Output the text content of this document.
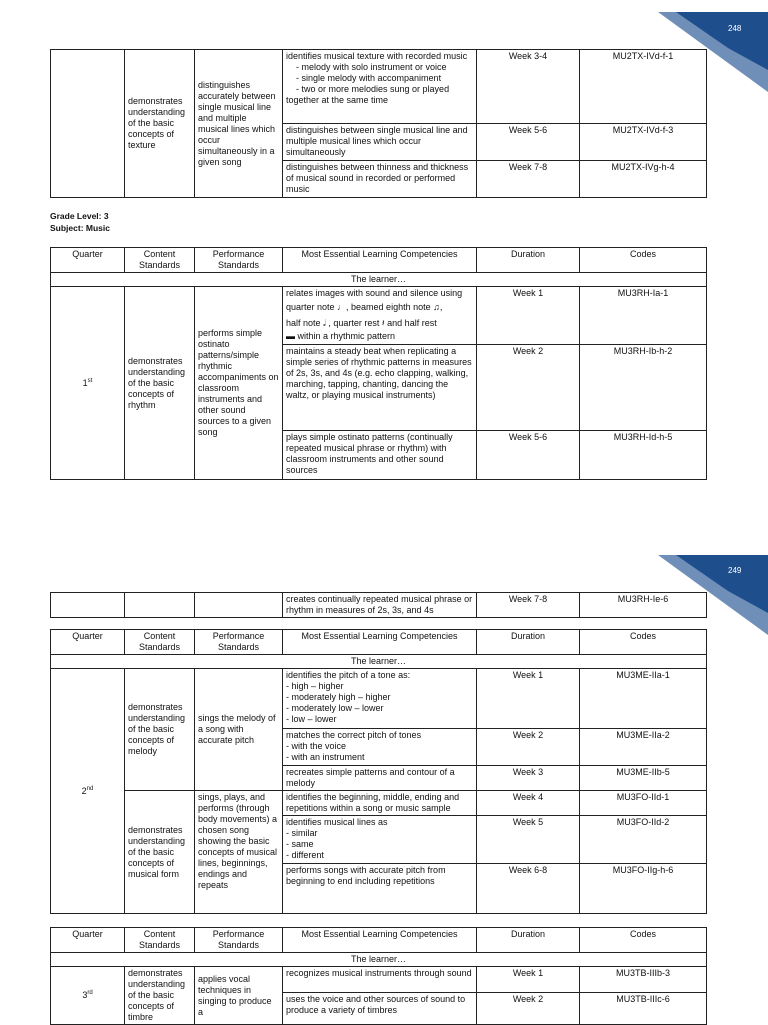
248
	demonstrates understanding of the basic concepts of texture	distinguishes accurately between single musical line and multiple musical lines which occur simultaneously in a given song	identifies musical texture with recorded music
- melody with solo instrument or voice
- single melody with accompaniment
- two or more melodies sung or played
together at the same time	Week 3-4	MU2TX-IVd-f-1
			distinguishes between single musical line and multiple musical lines which occur simultaneously	Week 5-6	MU2TX-IVd-f-3
			distinguishes between thinness and thickness of musical sound in recorded or performed music	Week 7-8	MU2TX-IVg-h-4
Grade Level: 3
Subject: Music
Quarter	Content Standards	Performance Standards	Most Essential Learning Competencies	Duration	Codes
The learner…					
1st	demonstrates understanding of the basic concepts of rhythm	performs simple ostinato patterns/simple rhythmic accompaniments on classroom instruments and other sound sources to a given song	relates images with sound and silence using
quarter note ♩, beamed eighth note ♫,
half note 𝅗𝅥 , quarter rest 𝄽 and half rest
▬ within a rhythmic pattern	Week 1	MU3RH-Ia-1
			maintains a steady beat when replicating a simple series of rhythmic patterns in measures of 2s, 3s, and 4s (e.g. echo clapping, walking, marching, tapping, chanting, dancing the waltz, or playing musical instruments)	Week 2	MU3RH-Ib-h-2
			plays simple ostinato patterns (continually repeated musical phrase or rhythm) with classroom instruments and other sound sources	Week 5-6	MU3RH-Id-h-5
249
			creates continually repeated musical phrase or rhythm in measures of 2s, 3s, and 4s	Week 7-8	MU3RH-Ie-6
Quarter	Content Standards	Performance Standards	Most Essential Learning Competencies	Duration	Codes
The learner…					
2nd	demonstrates understanding of the basic concepts of melody	sings the melody of a song with accurate pitch	identifies the pitch of a tone as:
- high – higher
- moderately high – higher
- moderately low – lower
- low – lower	Week 1	MU3ME-IIa-1

			matches the correct pitch of tones
- with the voice
- with an instrument	Week 2	MU3ME-IIa-2
			recreates simple patterns and contour of a melody	Week 3	MU3ME-IIb-5
	demonstrates understanding of the basic concepts of musical form	sings, plays, and performs (through body movements) a chosen song showing the basic concepts of musical lines, beginnings, endings and repeats	identifies the beginning, middle, ending and repetitions within a song or music sample	Week 4	MU3FO-IId-1

			identifies musical lines as
- similar
- same
- different	Week 5	MU3FO-IId-2
			performs songs with accurate pitch from beginning to end including repetitions	Week 6-8	MU3FO-IIg-h-6
Quarter	Content Standards	Performance Standards	Most Essential Learning Competencies	Duration	Codes
The learner…					
3rd	demonstrates understanding of the basic concepts of timbre	applies vocal techniques in singing to produce a	recognizes musical instruments through sound	Week 1	MU3TB-IIIb-3
			uses the voice and other sources of sound to produce a variety of timbres	Week 2	MU3TB-IIIc-6
